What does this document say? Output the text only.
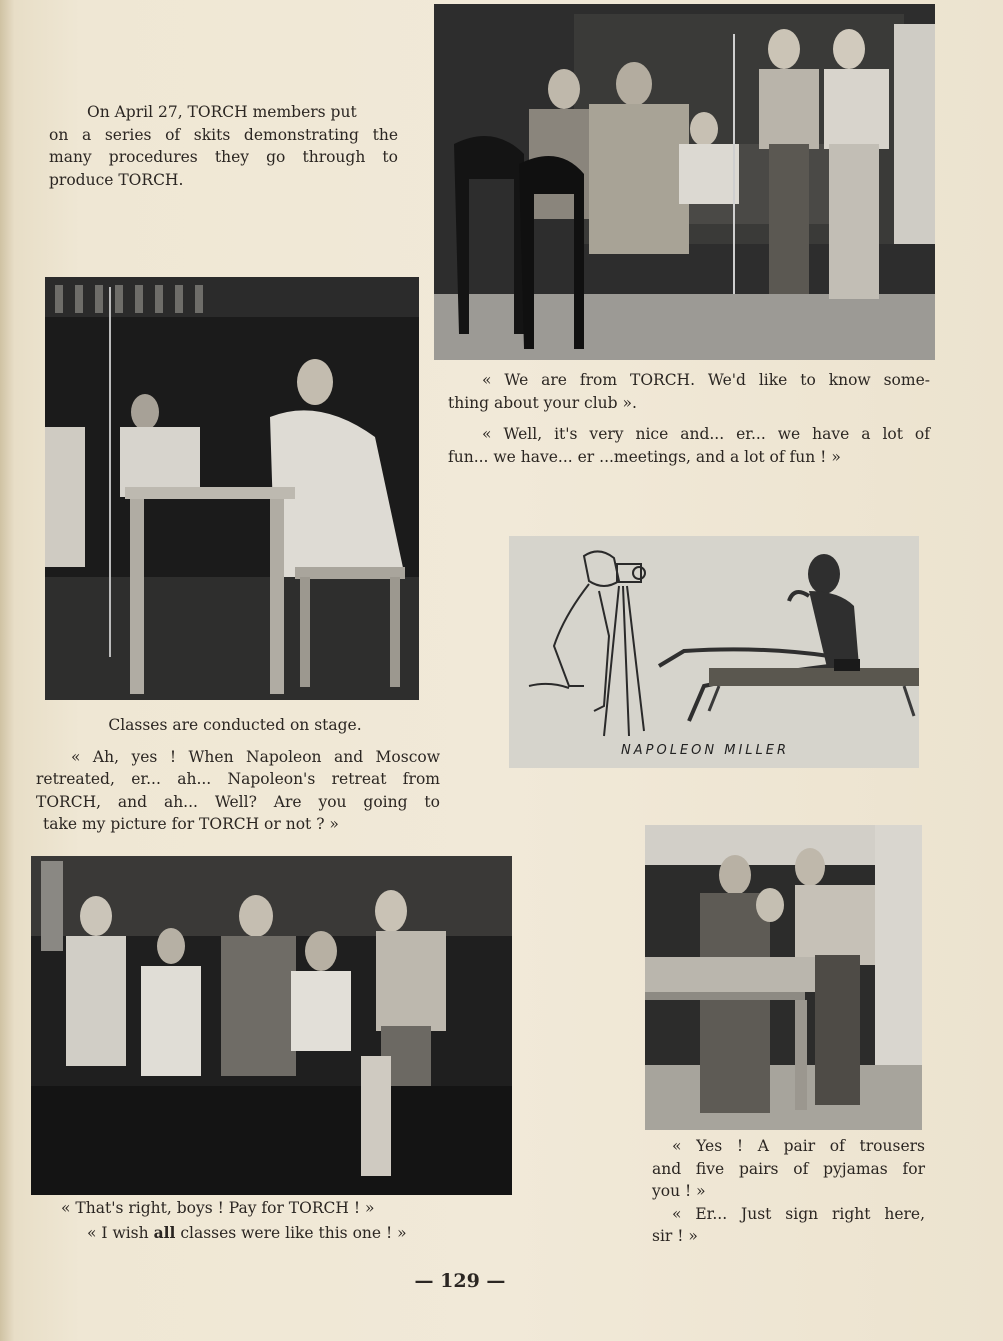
On April 27, TORCH members put

on a series of skits demonstrating the

many procedures they go through to

produce TORCH.

« We are from TORCH. We'd like to know some-

thing about your club ».

« Well, it's very nice and... er... we have a lot of

fun... we have... er ...meetings, and a lot of fun ! »

Classes are conducted on stage.

« Ah, yes ! When Napoleon and Moscow

retreated, er... ah... Napoleon's retreat from

TORCH, and ah... Well? Are you going to

take my picture for TORCH or not ? »

NAPOLEON MILLER

« That's right, boys ! Pay for TORCH ! »

« I wish all classes were like this one ! »

« Yes ! A pair of trousers

and five pairs of pyjamas for

you ! »

« Er... Just sign right here,

sir ! »

— 129 —
